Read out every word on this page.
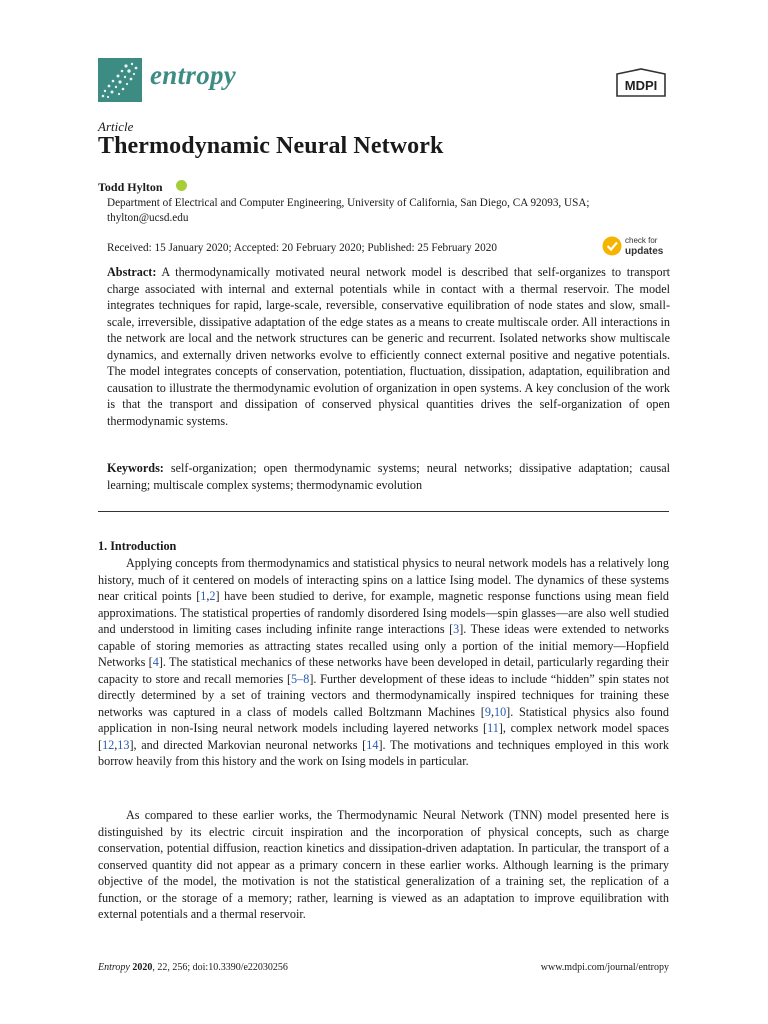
entropy	MDPI
Article
Thermodynamic Neural Network
Todd Hylton
Department of Electrical and Computer Engineering, University of California, San Diego, CA 92093, USA; thylton@ucsd.edu
Received: 15 January 2020; Accepted: 20 February 2020; Published: 25 February 2020
check for
updates

Abstract: A thermodynamically motivated neural network model is described that self-organizes to transport charge associated with internal and external potentials while in contact with a thermal reservoir. The model integrates techniques for rapid, large-scale, reversible, conservative equilibration of node states and slow, small-scale, irreversible, dissipative adaptation of the edge states as a means to create multiscale order. All interactions in the network are local and the network structures can be generic and recurrent. Isolated networks show multiscale dynamics, and externally driven networks evolve to efficiently connect external positive and negative potentials. The model integrates concepts of conservation, potentiation, fluctuation, dissipation, adaptation, equilibration and causation to illustrate the thermodynamic evolution of organization in open systems. A key conclusion of the work is that the transport and dissipation of conserved physical quantities drives the self-organization of open thermodynamic systems.

Keywords: self-organization; open thermodynamic systems; neural networks; dissipative adaptation; causal learning; multiscale complex systems; thermodynamic evolution

1. Introduction

Applying concepts from thermodynamics and statistical physics to neural network models has a relatively long history, much of it centered on models of interacting spins on a lattice Ising model. The dynamics of these systems near critical points [1,2] have been studied to derive, for example, magnetic response functions using mean field approximations. The statistical properties of randomly disordered Ising models—spin glasses—are also well studied and understood in limiting cases including infinite range interactions [3]. These ideas were extended to networks capable of storing memories as attracting states recalled using only a portion of the initial memory—Hopfield Networks [4]. The statistical mechanics of these networks have been developed in detail, particularly regarding their capacity to store and recall memories [5–8]. Further development of these ideas to include “hidden” spin states not directly determined by a set of training vectors and thermodynamically inspired techniques for training these networks was captured in a class of models called Boltzmann Machines [9,10]. Statistical physics also found application in non-Ising neural network models including layered networks [11], complex network model spaces [12,13], and directed Markovian neuronal networks [14]. The motivations and techniques employed in this work borrow heavily from this history and the work on Ising models in particular.

As compared to these earlier works, the Thermodynamic Neural Network (TNN) model presented here is distinguished by its electric circuit inspiration and the incorporation of physical concepts, such as charge conservation, potential diffusion, reaction kinetics and dissipation-driven adaptation. In particular, the transport of a conserved quantity did not appear as a primary concern in these earlier works. Although learning is the primary objective of the model, the motivation is not the statistical generalization of a training set, the replication of a function, or the storage of a memory; rather, learning is viewed as an adaptation to improve equilibration with external potentials and a thermal reservoir.

Entropy 2020, 22, 256; doi:10.3390/e22030256	www.mdpi.com/journal/entropy
